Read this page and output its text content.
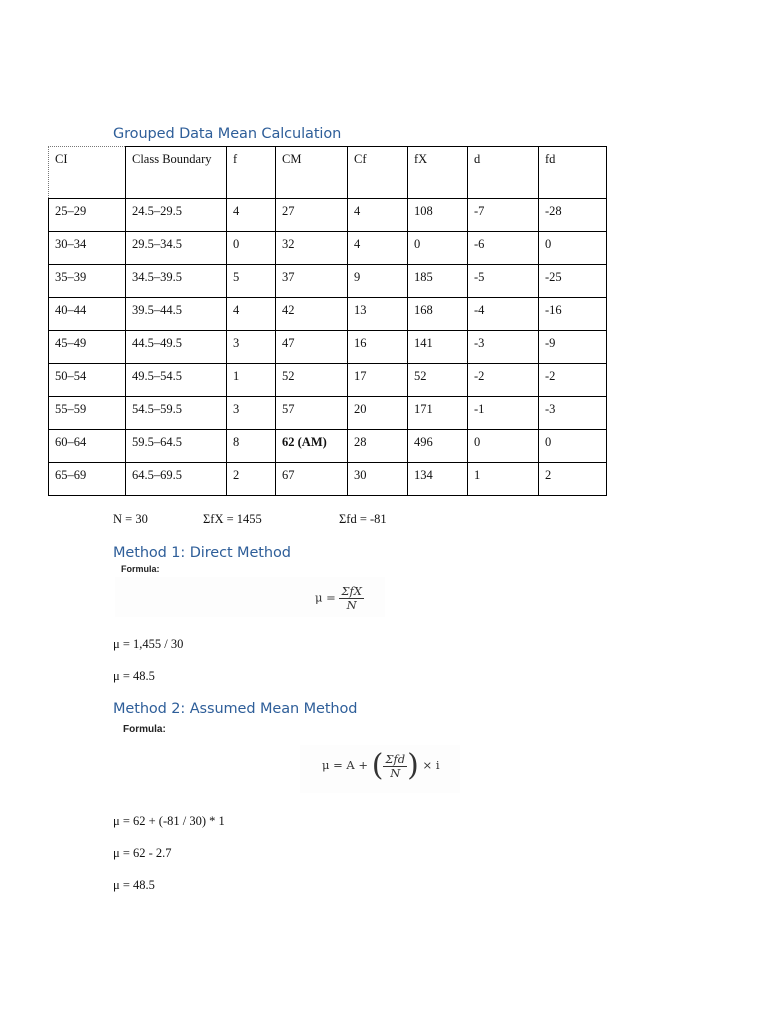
Grouped Data Mean Calculation
CI	Class Boundary	f	CM	Cf	fX	d	fd
25–29	24.5–29.5	4	27	4	108	-7	-28
30–34	29.5–34.5	0	32	4	0	-6	0
35–39	34.5–39.5	5	37	9	185	-5	-25
40–44	39.5–44.5	4	42	13	168	-4	-16
45–49	44.5–49.5	3	47	16	141	-3	-9
50–54	49.5–54.5	1	52	17	52	-2	-2
55–59	54.5–59.5	3	57	20	171	-1	-3
60–64	59.5–64.5	8	62 (AM)	28	496	0	0
65–69	64.5–69.5	2	67	30	134	1	2
N = 30	ΣfX = 1455	Σfd = -81
Method 1: Direct Method

Formula:

$\mu = \frac{\text{ΣfX}}{N}$

μ = 1,455 / 30

μ = 48.5

Method 2: Assumed Mean Method

Formula:

μ = A + ( $\frac{\text{Σfd}}{N}$ ) × i

μ = 62 + (-81 / 30) * 1

μ = 62 - 2.7

μ = 48.5
